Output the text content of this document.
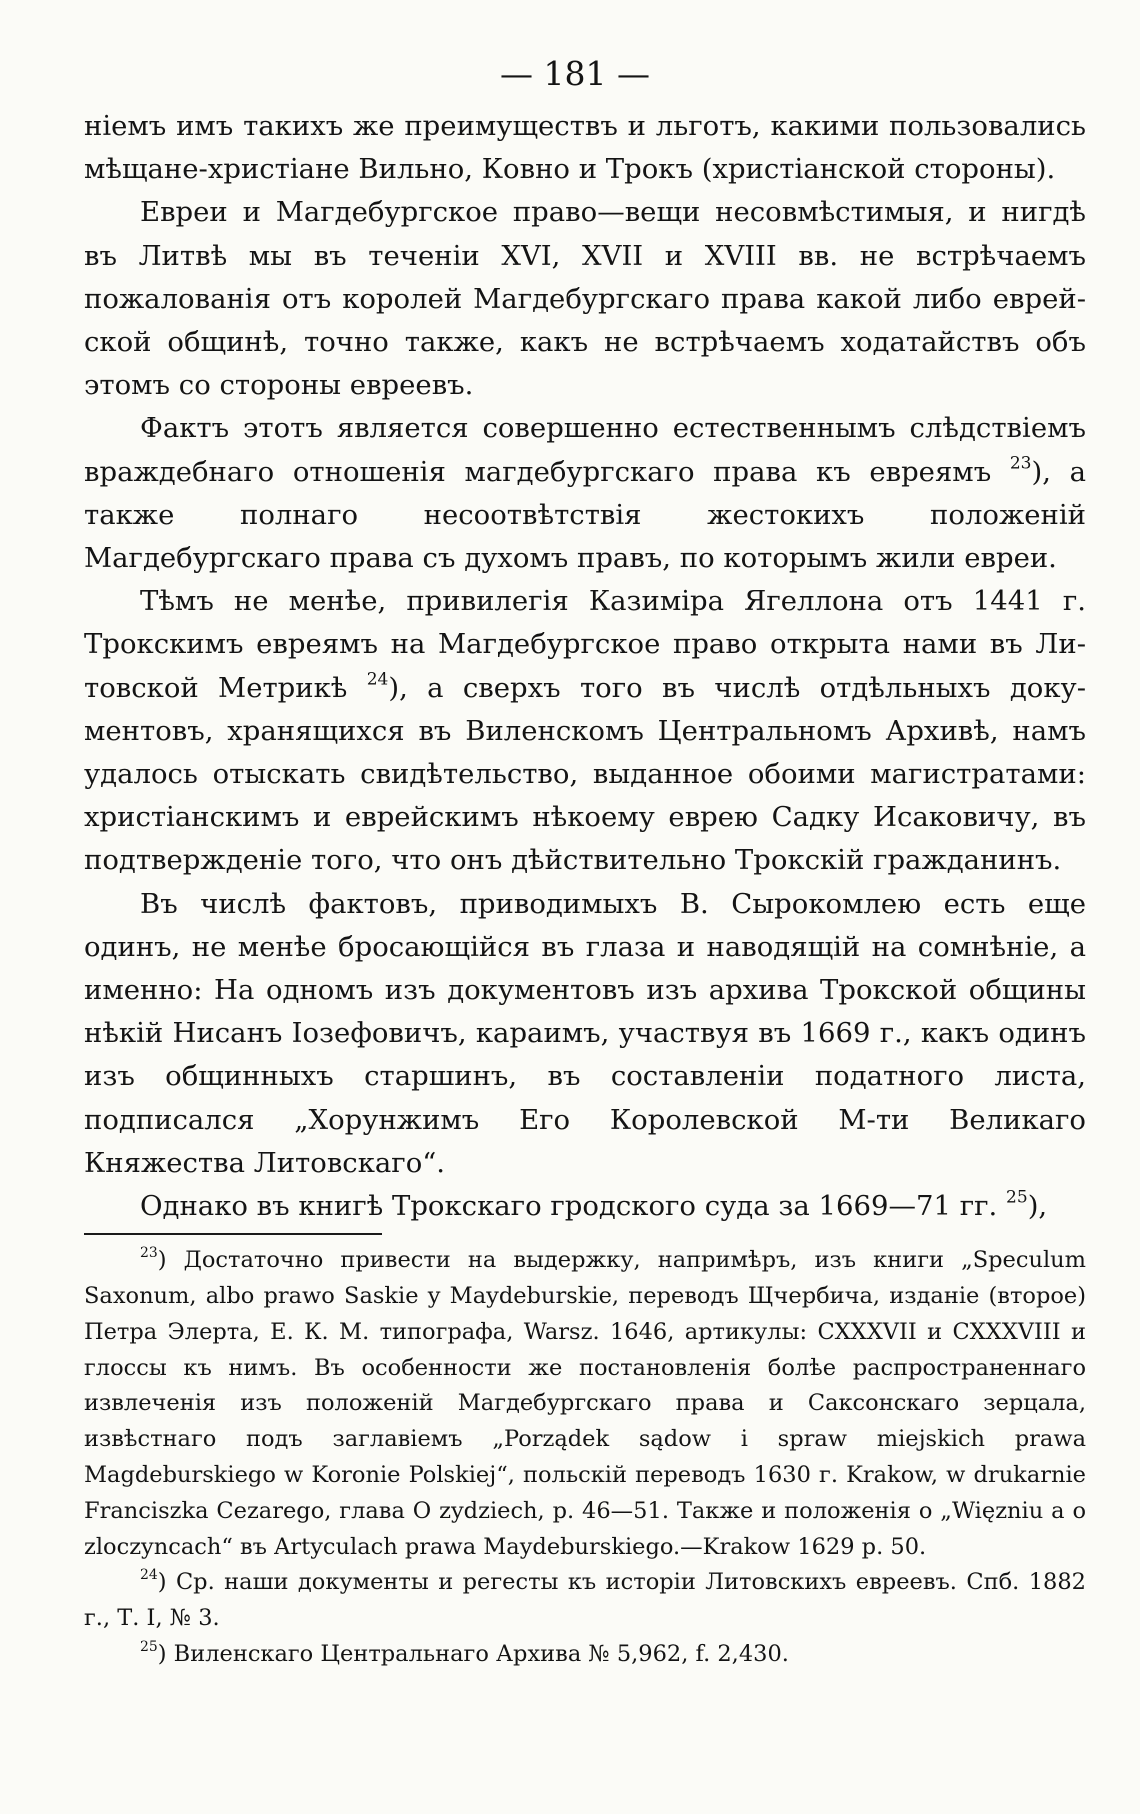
— 181 —

ніемъ имъ такихъ же преимуществъ и льготъ, какими пользовались мѣщане-христіане Вильно, Ковно и Трокъ (христіанской стороны).

Евреи и Магдебургское право—вещи несовмѣстимыя, и нигдѣ въ Литвѣ мы въ теченіи XVI, XVII и XVIII вв. не встрѣчаемъ пожалованія отъ королей Магдебургскаго права какой либо еврейской общинѣ, точно также, какъ не встрѣчаемъ ходатайствъ объ этомъ со стороны евреевъ.

Фактъ этотъ является совершенно естественнымъ слѣдствіемъ враждебнаго отношенія магдебургскаго права къ евреямъ $^{23}$), а также полнаго несоотвѣтствія жестокихъ положеній Магдебургскаго права съ духомъ правъ, по которымъ жили евреи.

Тѣмъ не менѣе, привилегія Казиміра Ягеллона отъ 1441 г. Трокскимъ евреямъ на Магдебургское право открыта нами въ Литовской Метрикѣ $^{24}$), а сверхъ того въ числѣ отдѣльныхъ документовъ, хранящихся въ Виленскомъ Центральномъ Архивѣ, намъ удалось отыскать свидѣтельство, выданное обоими магистратами: христіанскимъ и еврейскимъ нѣкоему еврею Садку Исаковичу, въ подтвержденіе того, что онъ дѣйствительно Трокскій гражданинъ.

Въ числѣ фактовъ, приводимыхъ В. Сырокомлею есть еще одинъ, не менѣе бросающійся въ глаза и наводящій на сомнѣніе, а именно: На одномъ изъ документовъ изъ архива Трокской общины нѣкій Нисанъ Іозефовичъ, караимъ, участвуя въ 1669 г., какъ одинъ изъ общинныхъ старшинъ, въ составленіи податного листа, подписался „Хорунжимъ Его Королевской М-ти Великаго Княжества Литовскаго“.

Однако въ книгѣ Трокскаго гродского суда за 1669—71 гг. $^{25}$),

$^{23}$) Достаточно привести на выдержку, напримѣръ, изъ книги „Speculum Saxonum, albo prawo Saskie y Maydeburskie, переводъ Щчербича, изданіе (второе) Петра Элерта, Е. К. М. типографа, Warsz. 1646, артикулы: CXXXVII и CXXXVIII и глоссы къ нимъ. Въ особенности же постановленія болѣе распространеннаго извлеченія изъ положеній Магдебургскаго права и Саксонскаго зерцала, извѣстнаго подъ заглавіемъ „Porządek sądow i spraw miejskich prawa Magdeburskiego w Koronie Polskiej“, польскій переводъ 1630 г. Krakow, w drukarnie Franciszka Cezarego, глава O zydziech, p. 46—51. Также и положенія о „Więzniu a o zloczyncach“ въ Artyculach prawa Maydeburskiego.—Krakow 1629 p. 50.

$^{24}$) Ср. наши документы и регесты къ исторіи Литовскихъ евреевъ. Спб. 1882 г., Т. I, № 3.

$^{25}$) Виленскаго Центральнаго Архива № 5,962, f. 2,430.
